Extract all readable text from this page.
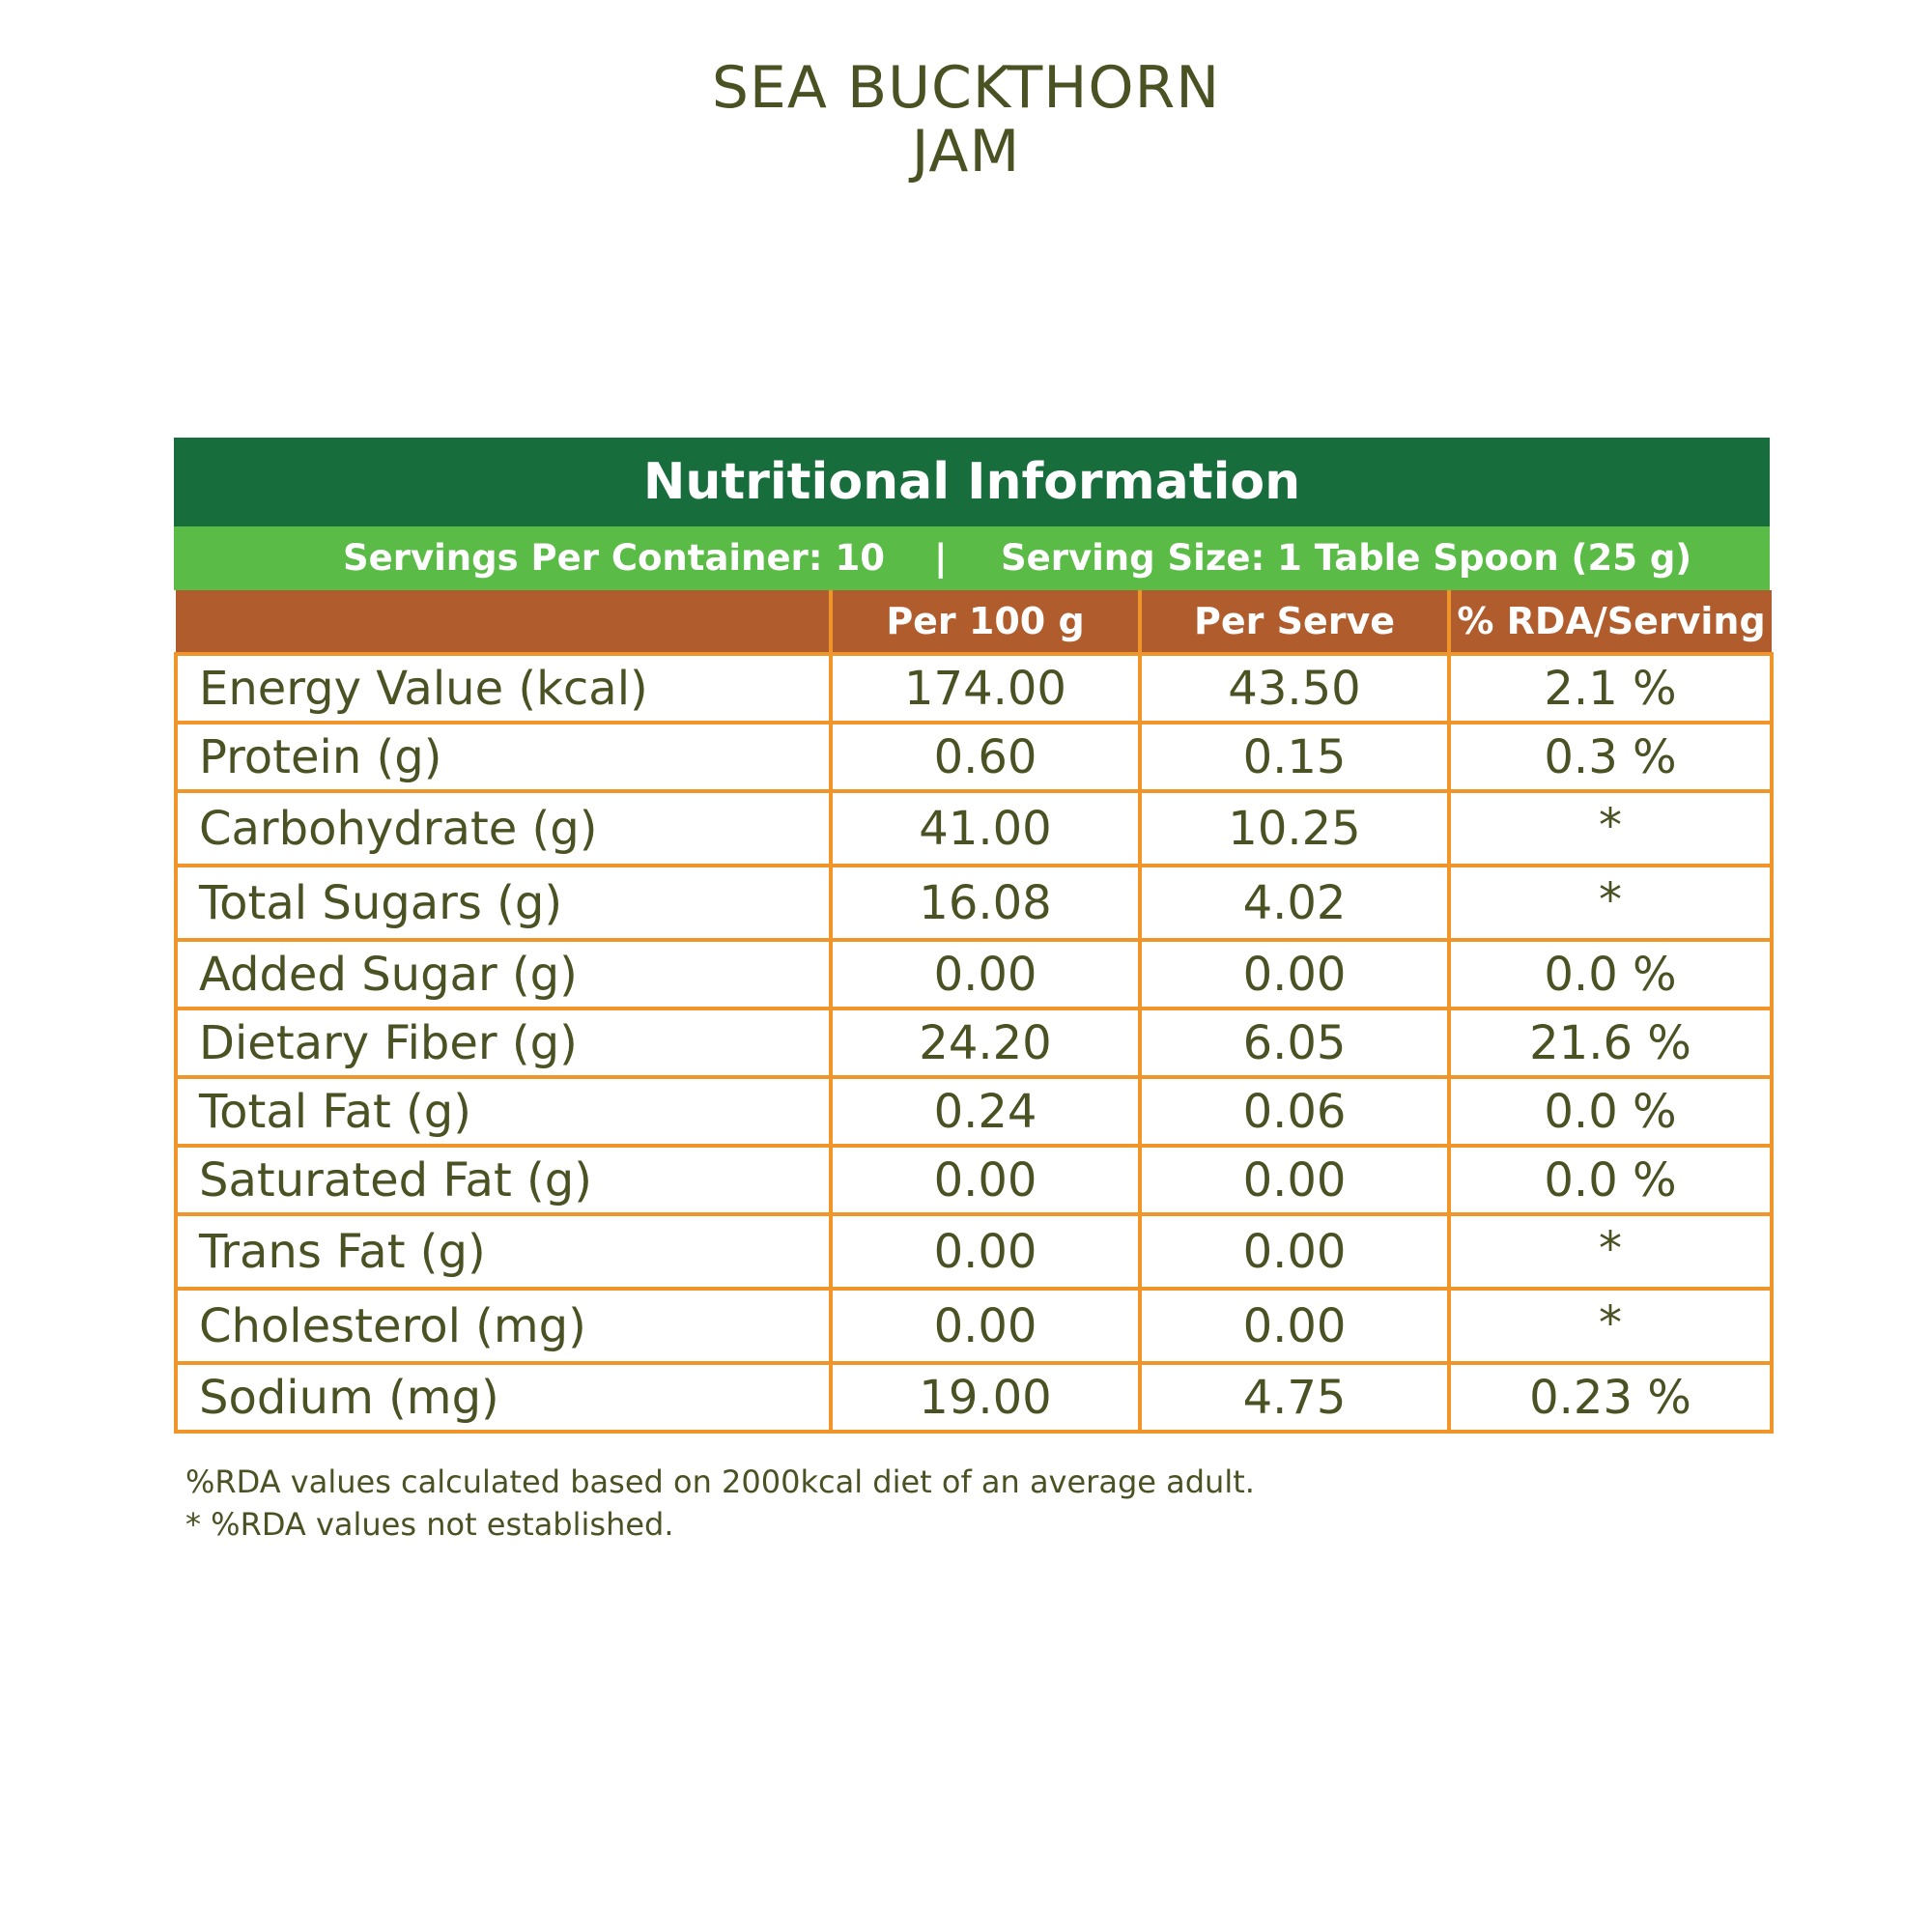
SEA BUCKTHORN
JAM
Nutritional Information
Servings Per Container: 10 | Serving Size: 1 Table Spoon (25 g)
	Per 100 g	Per Serve	% RDA/Serving
Energy Value (kcal)	174.00	43.50	2.1 %
Protein (g)	0.60	0.15	0.3 %
Carbohydrate (g)	41.00	10.25	*
Total Sugars (g)	16.08	4.02	*
Added Sugar (g)	0.00	0.00	0.0 %
Dietary Fiber (g)	24.20	6.05	21.6 %
Total Fat (g)	0.24	0.06	0.0 %
Saturated Fat (g)	0.00	0.00	0.0 %
Trans Fat (g)	0.00	0.00	*
Cholesterol (mg)	0.00	0.00	*
Sodium (mg)	19.00	4.75	0.23 %
%RDA values calculated based on 2000kcal diet of an average adult.
* %RDA values not established.
